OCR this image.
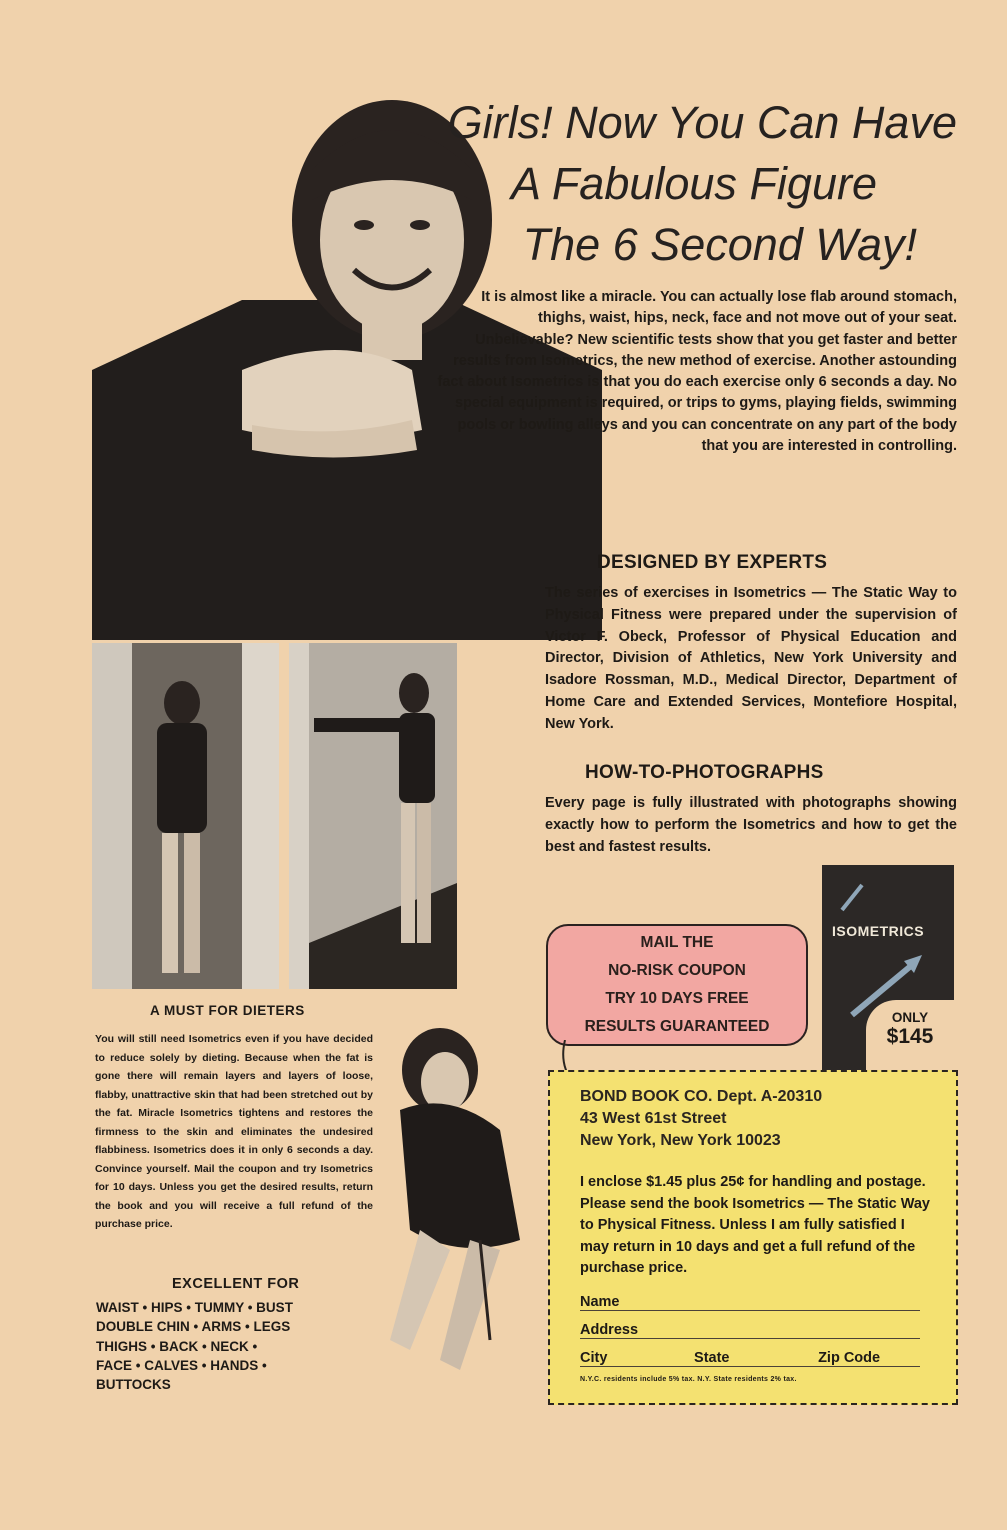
Girls! Now You Can Have
A Fabulous Figure
The 6 Second Way!
It is almost like a miracle. You can actually lose flab around stomach, thighs, waist, hips, neck, face and not move out of your seat. Unbelievable? New scientific tests show that you get faster and better results from Isometrics, the new method of exercise. Another astounding fact about Isometrics is that you do each exercise only 6 seconds a day. No special equipment is required, or trips to gyms, playing fields, swimming pools or bowling alleys and you can concentrate on any part of the body that you are interested in controlling.
DESIGNED BY EXPERTS
The series of exercises in Isometrics — The Static Way to Physical Fitness were prepared under the supervision of Victor F. Obeck, Professor of Physical Education and Director, Division of Athletics, New York University and Isadore Rossman, M.D., Medical Director, Department of Home Care and Extended Services, Montefiore Hospital, New York.
HOW-TO-PHOTOGRAPHS
Every page is fully illustrated with photographs showing exactly how to perform the Isometrics and how to get the best and fastest results.
A MUST FOR DIETERS
You will still need Isometrics even if you have decided to reduce solely by dieting. Because when the fat is gone there will remain layers and layers of loose, flabby, unattractive skin that had been stretched out by the fat. Miracle Isometrics tightens and restores the firmness to the skin and eliminates the undesired flabbiness. Isometrics does it in only 6 seconds a day. Convince yourself. Mail the coupon and try Isometrics for 10 days. Unless you get the desired results, return the book and you will receive a full refund of the purchase price.
EXCELLENT FOR
WAIST • HIPS • TUMMY • BUST
DOUBLE CHIN • ARMS • LEGS
THIGHS • BACK • NECK •
FACE • CALVES • HANDS •
BUTTOCKS
MAIL THE
NO-RISK COUPON
TRY 10 DAYS FREE
RESULTS GUARANTEED
ISOMETRICS
ONLY
$145
BOND BOOK CO. Dept. A-20310
43 West 61st Street
New York, New York 10023
I enclose $1.45 plus 25¢ for handling and postage. Please send the book Isometrics — The Static Way to Physical Fitness. Unless I am fully satisfied I may return in 10 days and get a full refund of the purchase price.
Name
Address
City	State	Zip Code
N.Y.C. residents include 5% tax. N.Y. State residents 2% tax.
